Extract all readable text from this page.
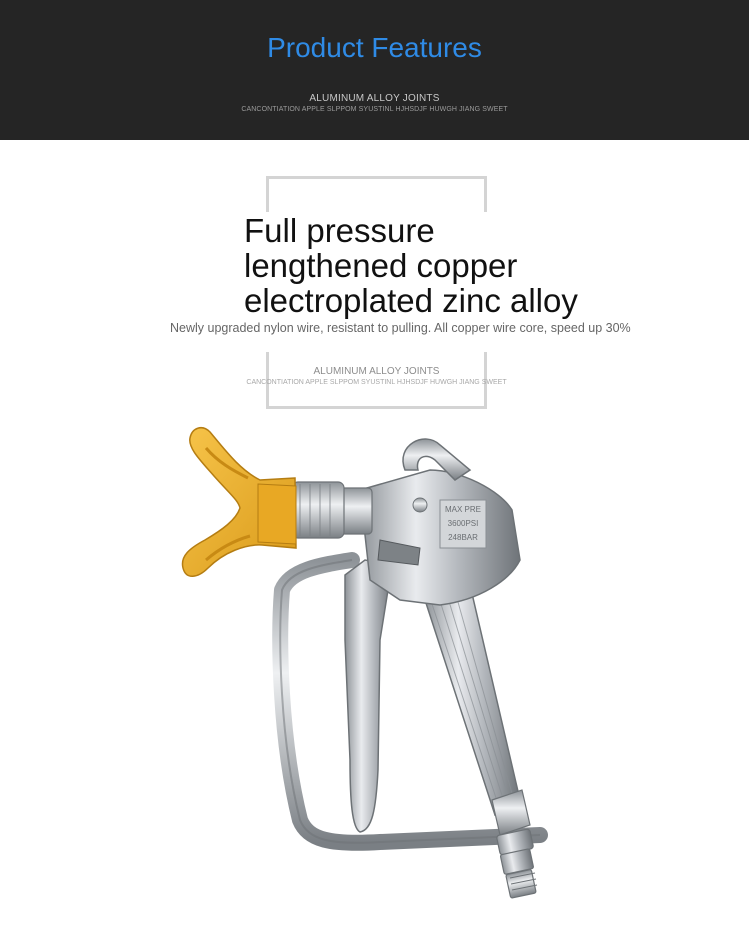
Product Features
ALUMINUM ALLOY JOINTS
CANCONTIATION APPLE SLPPOM SYUSTINL HJHSDJF HUWGH JIANG SWEET
Full pressure
lengthened copper
electroplated zinc alloy
Newly upgraded nylon wire, resistant to pulling. All copper wire core, speed up 30%
ALUMINUM ALLOY JOINTS
CANCONTIATION APPLE SLPPOM SYUSTINL HJHSDJF HUWGH JIANG SWEET
MAX PRE
3600PSI
248BAR
